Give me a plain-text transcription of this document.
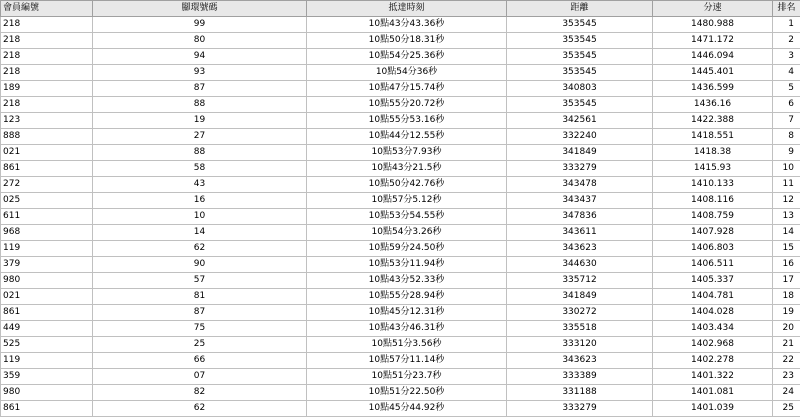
會員編號	腳環號碼	抵達時刻	距離	分速	排名
218	99	10點43分43.36秒	353545	1480.988	1
218	80	10點50分18.31秒	353545	1471.172	2
218	94	10點54分25.36秒	353545	1446.094	3
218	93	10點54分36秒	353545	1445.401	4
189	87	10點47分15.74秒	340803	1436.599	5
218	88	10點55分20.72秒	353545	1436.16	6
123	19	10點55分53.16秒	342561	1422.388	7
888	27	10點44分12.55秒	332240	1418.551	8
021	88	10點53分7.93秒	341849	1418.38	9
861	58	10點43分21.5秒	333279	1415.93	10
272	43	10點50分42.76秒	343478	1410.133	11
025	16	10點57分5.12秒	343437	1408.116	12
611	10	10點53分54.55秒	347836	1408.759	13
968	14	10點54分3.26秒	343611	1407.928	14
119	62	10點59分24.50秒	343623	1406.803	15
379	90	10點53分11.94秒	344630	1406.511	16
980	57	10點43分52.33秒	335712	1405.337	17
021	81	10點55分28.94秒	341849	1404.781	18
861	87	10點45分12.31秒	330272	1404.028	19
449	75	10點43分46.31秒	335518	1403.434	20
525	25	10點51分3.56秒	333120	1402.968	21
119	66	10點57分11.14秒	343623	1402.278	22
359	07	10點51分23.7秒	333389	1401.322	23
980	82	10點51分22.50秒	331188	1401.081	24
861	62	10點45分44.92秒	333279	1401.039	25
